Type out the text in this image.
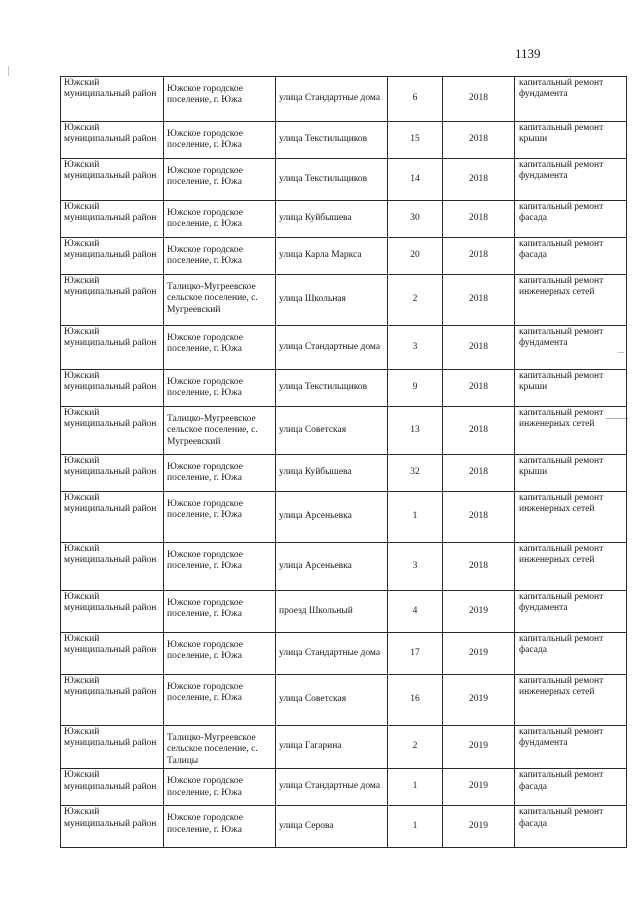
1139
Южский муниципальный район	Южское городское поселение, г. Южа	улица Стандартные дома	6	2018	капитальный ремонт фундамента
Южский муниципальный район	Южское городское поселение, г. Южа	улица Текстильщиков	15	2018	капитальный ремонт крыши
Южский муниципальный район	Южское городское поселение, г. Южа	улица Текстильщиков	14	2018	капитальный ремонт фундамента
Южский муниципальный район	Южское городское поселение, г. Южа	улица Куйбышева	30	2018	капитальный ремонт фасада
Южский муниципальный район	Южское городское поселение, г. Южа	улица Карла Маркса	20	2018	капитальный ремонт фасада
Южский муниципальный район	Талицко-Мугреевское сельское поселение, с. Мугреевский	улица Школьная	2	2018	капитальный ремонт инженерных сетей
Южский муниципальный район	Южское городское поселение, г. Южа	улица Стандартные дома	3	2018	капитальный ремонт фундамента
Южский муниципальный район	Южское городское поселение, г. Южа	улица Текстильщиков	9	2018	капитальный ремонт крыши
Южский муниципальный район	Талицко-Мугреевское сельское поселение, с. Мугреевский	улица Советская	13	2018	капитальный ремонт инженерных сетей
Южский муниципальный район	Южское городское поселение, г. Южа	улица Куйбышева	32	2018	капитальный ремонт крыши
Южский муниципальный район	Южское городское поселение, г. Южа	улица Арсеньевка	1	2018	капитальный ремонт инженерных сетей
Южский муниципальный район	Южское городское поселение, г. Южа	улица Арсеньевка	3	2018	капитальный ремонт инженерных сетей
Южский муниципальный район	Южское городское поселение, г. Южа	проезд Школьный	4	2019	капитальный ремонт фундамента
Южский муниципальный район	Южское городское поселение, г. Южа	улица Стандартные дома	17	2019	капитальный ремонт фасада
Южский муниципальный район	Южское городское поселение, г. Южа	улица Советская	16	2019	капитальный ремонт инженерных сетей
Южский муниципальный район	Талицко-Мугреевское сельское поселение, с. Талицы	улица Гагарина	2	2019	капитальный ремонт фундамента
Южский муниципальный район	Южское городское поселение, г. Южа	улица Стандартные дома	1	2019	капитальный ремонт фасада
Южский муниципальный район	Южское городское поселение, г. Южа	улица Серова	1	2019	капитальный ремонт фасада
